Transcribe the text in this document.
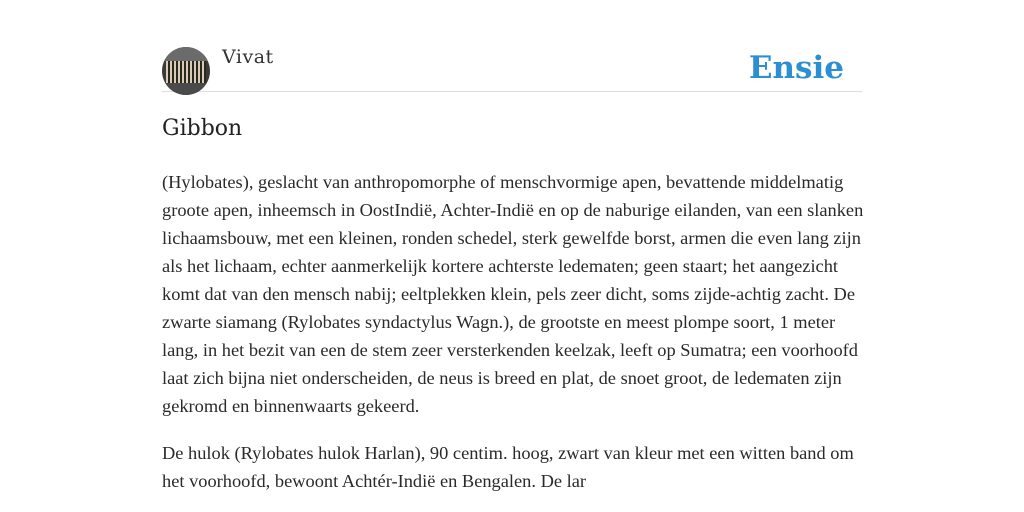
Vivat	Ensie
Gibbon

(Hylobates), geslacht van anthropomorphe of menschvormige apen, bevattende middelmatig groote apen, inheemsch in OostIndië, Achter-Indië en op de naburige eilanden, van een slanken lichaamsbouw, met een kleinen, ronden schedel, sterk gewelfde borst, armen die even lang zijn als het lichaam, echter aanmerkelijk kortere achterste ledematen; geen staart; het aangezicht komt dat van den mensch nabij; eeltplekken klein, pels zeer dicht, soms zijde-achtig zacht. De zwarte siamang (Rylobates syndactylus Wagn.), de grootste en meest plompe soort, 1 meter lang, in het bezit van een de stem zeer versterkenden keelzak, leeft op Sumatra; een voorhoofd laat zich bijna niet onderscheiden, de neus is breed en plat, de snoet groot, de ledematen zijn gekromd en binnenwaarts gekeerd.

De hulok (Rylobates hulok Harlan), 90 centim. hoog, zwart van kleur met een witten band om het voorhoofd, bewoont Achtér-Indië en Bengalen. De lar
